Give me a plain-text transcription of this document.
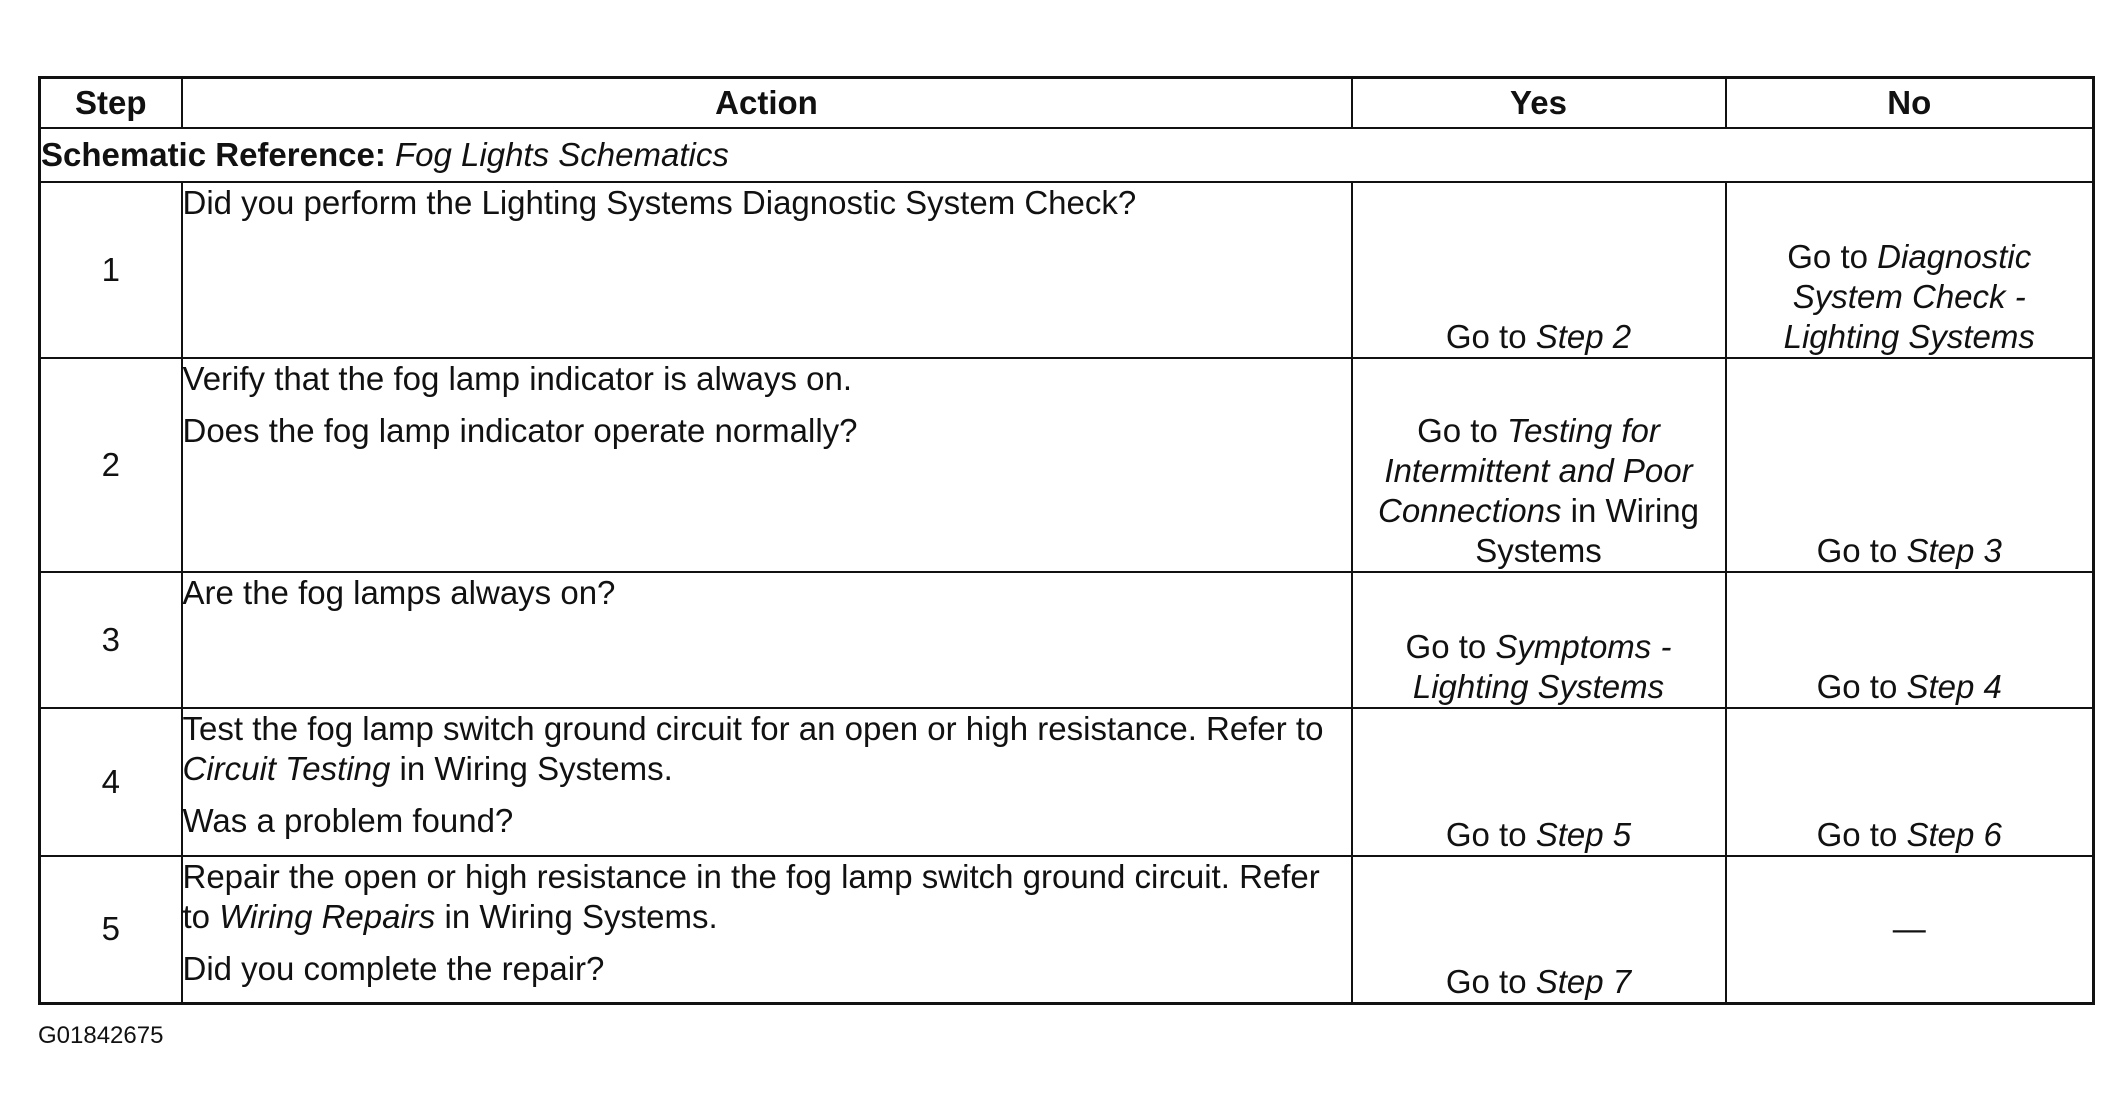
Step	Action	Yes	No
Schematic Reference: Fog Lights Schematics			
1	Did you perform the Lighting Systems Diagnostic System Check?	Go to Step 2	Go to Diagnostic System Check - Lighting Systems
2	Verify that the fog lamp indicator is always on.

Does the fog lamp indicator operate normally?	Go to Testing for Intermittent and Poor Connections in Wiring Systems	Go to Step 3
3	Are the fog lamps always on?	Go to Symptoms - Lighting Systems	Go to Step 4
4	Test the fog lamp switch ground circuit for an open or high resistance. Refer to Circuit Testing in Wiring Systems.

Was a problem found?	Go to Step 5	Go to Step 6
5	Repair the open or high resistance in the fog lamp switch ground circuit. Refer to Wiring Repairs in Wiring Systems.

Did you complete the repair?	Go to Step 7	—
G01842675
